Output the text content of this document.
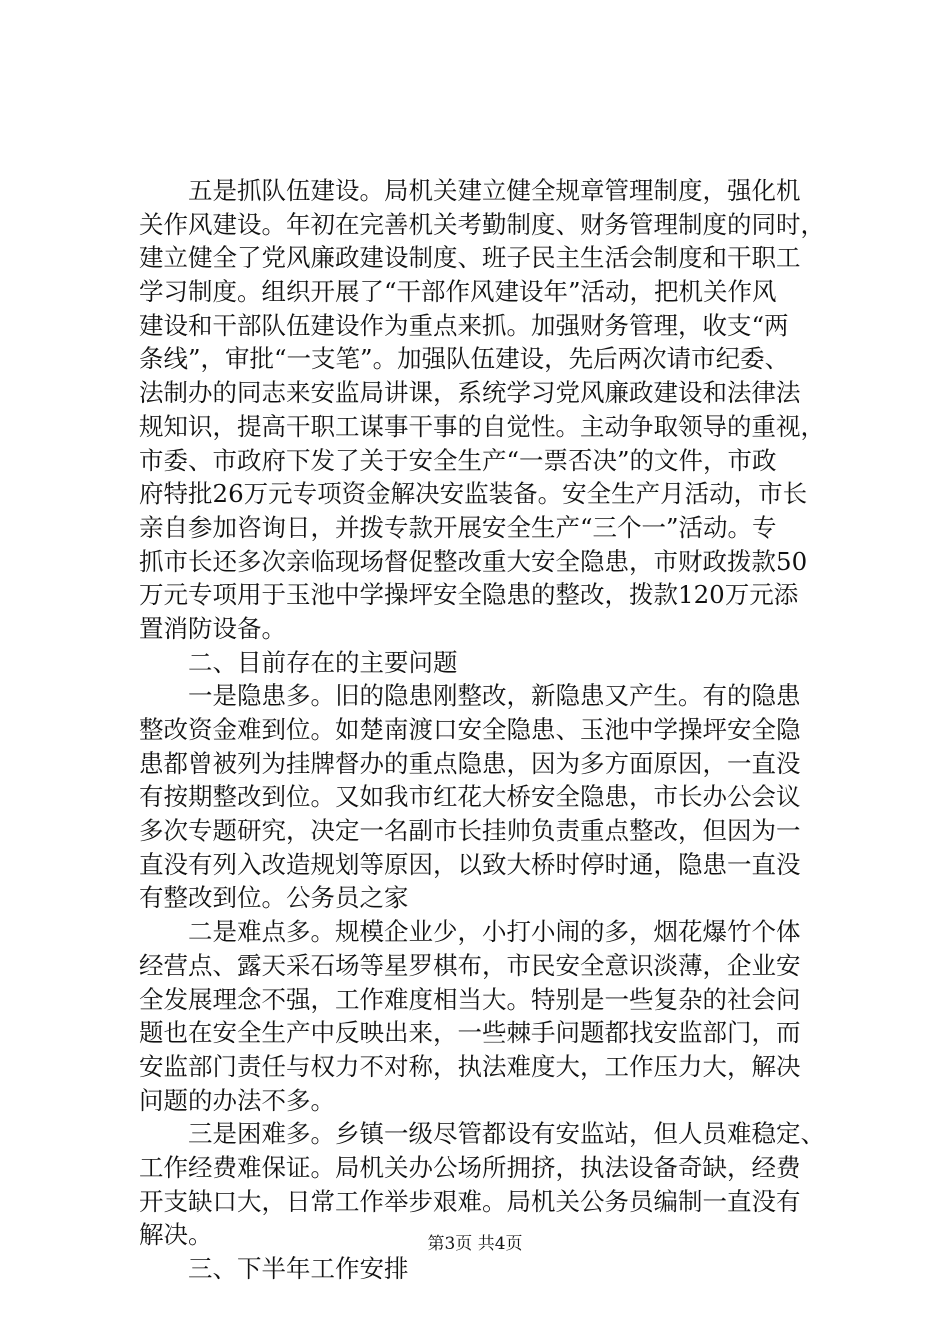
五是抓队伍建设。局机关建立健全规章管理制度，强化机
关作风建设。年初在完善机关考勤制度、财务管理制度的同时，
建立健全了党风廉政建设制度、班子民主生活会制度和干职工
学习制度。组织开展了“干部作风建设年”活动，把机关作风
建设和干部队伍建设作为重点来抓。加强财务管理，收支“两
条线”，审批“一支笔”。加强队伍建设，先后两次请市纪委、
法制办的同志来安监局讲课，系统学习党风廉政建设和法律法
规知识，提高干职工谋事干事的自觉性。主动争取领导的重视，
市委、市政府下发了关于安全生产“一票否决”的文件，市政
府特批26万元专项资金解决安监装备。安全生产月活动，市长
亲自参加咨询日，并拨专款开展安全生产“三个一”活动。专
抓市长还多次亲临现场督促整改重大安全隐患，市财政拨款50
万元专项用于玉池中学操坪安全隐患的整改，拨款120万元添
置消防设备。
二、目前存在的主要问题
一是隐患多。旧的隐患刚整改，新隐患又产生。有的隐患
整改资金难到位。如楚南渡口安全隐患、玉池中学操坪安全隐
患都曾被列为挂牌督办的重点隐患，因为多方面原因，一直没
有按期整改到位。又如我市红花大桥安全隐患，市长办公会议
多次专题研究，决定一名副市长挂帅负责重点整改，但因为一
直没有列入改造规划等原因，以致大桥时停时通，隐患一直没
有整改到位。公务员之家
二是难点多。规模企业少，小打小闹的多，烟花爆竹个体
经营点、露天采石场等星罗棋布，市民安全意识淡薄，企业安
全发展理念不强，工作难度相当大。特别是一些复杂的社会问
题也在安全生产中反映出来，一些棘手问题都找安监部门，而
安监部门责任与权力不对称，执法难度大，工作压力大，解决
问题的办法不多。
三是困难多。乡镇一级尽管都设有安监站，但人员难稳定、
工作经费难保证。局机关办公场所拥挤，执法设备奇缺，经费
开支缺口大，日常工作举步艰难。局机关公务员编制一直没有
解决。
三、下半年工作安排
第3页 共4页
